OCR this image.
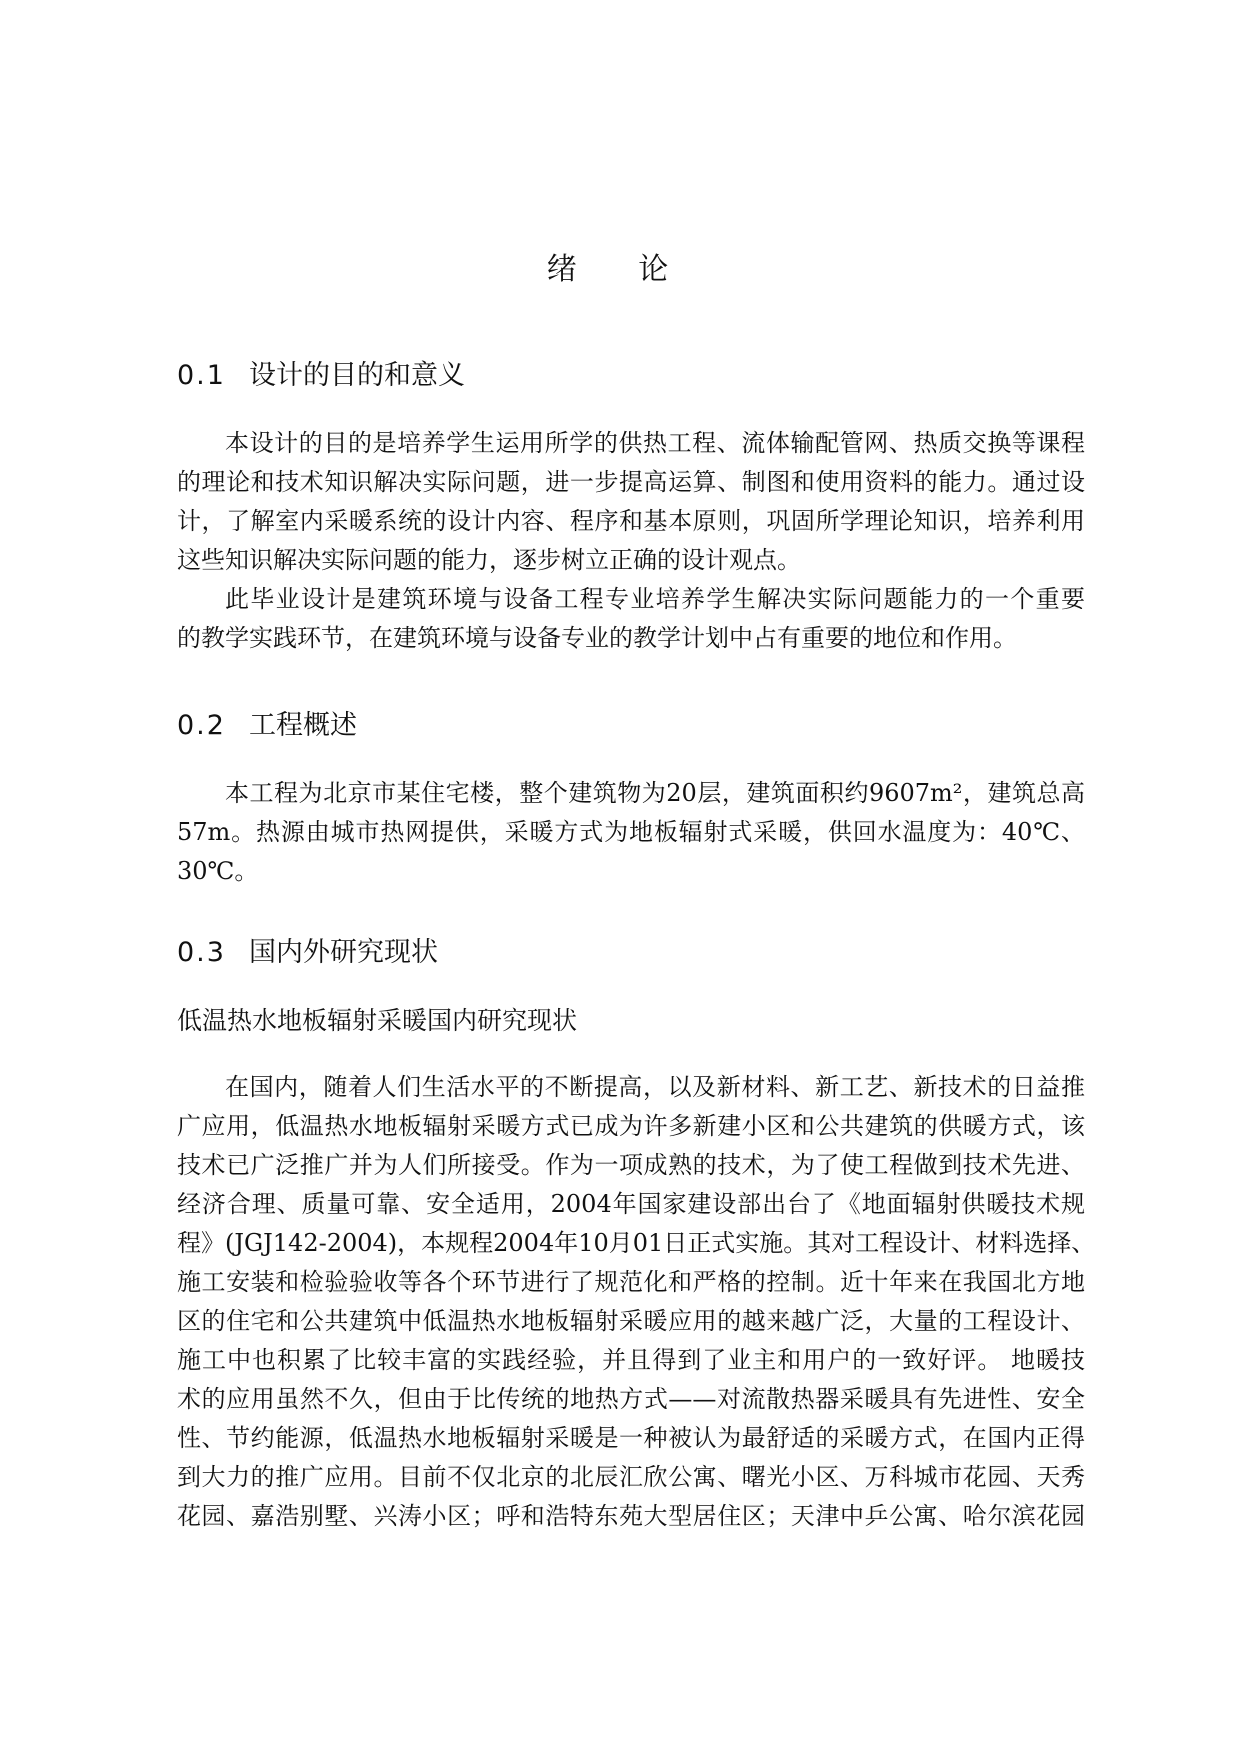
绪 论
0.1 设计的目的和意义
本设计的目的是培养学生运用所学的供热工程、流体输配管网、热质交换等课程
的理论和技术知识解决实际问题，进一步提高运算、制图和使用资料的能力。通过设
计，了解室内采暖系统的设计内容、程序和基本原则，巩固所学理论知识，培养利用
这些知识解决实际问题的能力，逐步树立正确的设计观点。
此毕业设计是建筑环境与设备工程专业培养学生解决实际问题能力的一个重要
的教学实践环节，在建筑环境与设备专业的教学计划中占有重要的地位和作用。
0.2 工程概述
本工程为北京市某住宅楼，整个建筑物为20层，建筑面积约9607m²，建筑总高
57m。热源由城市热网提供，采暖方式为地板辐射式采暖，供回水温度为：40℃、
30℃。
0.3 国内外研究现状
低温热水地板辐射采暖国内研究现状
在国内，随着人们生活水平的不断提高，以及新材料、新工艺、新技术的日益推
广应用，低温热水地板辐射采暖方式已成为许多新建小区和公共建筑的供暖方式，该
技术已广泛推广并为人们所接受。作为一项成熟的技术，为了使工程做到技术先进、
经济合理、质量可靠、安全适用，2004年国家建设部出台了《地面辐射供暖技术规
程》(JGJ142-2004)，本规程2004年10月01日正式实施。其对工程设计、材料选择、
施工安装和检验验收等各个环节进行了规范化和严格的控制。近十年来在我国北方地
区的住宅和公共建筑中低温热水地板辐射采暖应用的越来越广泛，大量的工程设计、
施工中也积累了比较丰富的实践经验，并且得到了业主和用户的一致好评。 地暖技
术的应用虽然不久，但由于比传统的地热方式——对流散热器采暖具有先进性、安全
性、节约能源，低温热水地板辐射采暖是一种被认为最舒适的采暖方式，在国内正得
到大力的推广应用。目前不仅北京的北辰汇欣公寓、曙光小区、万科城市花园、天秀
花园、嘉浩别墅、兴涛小区；呼和浩特东苑大型居住区；天津中乒公寓、哈尔滨花园
